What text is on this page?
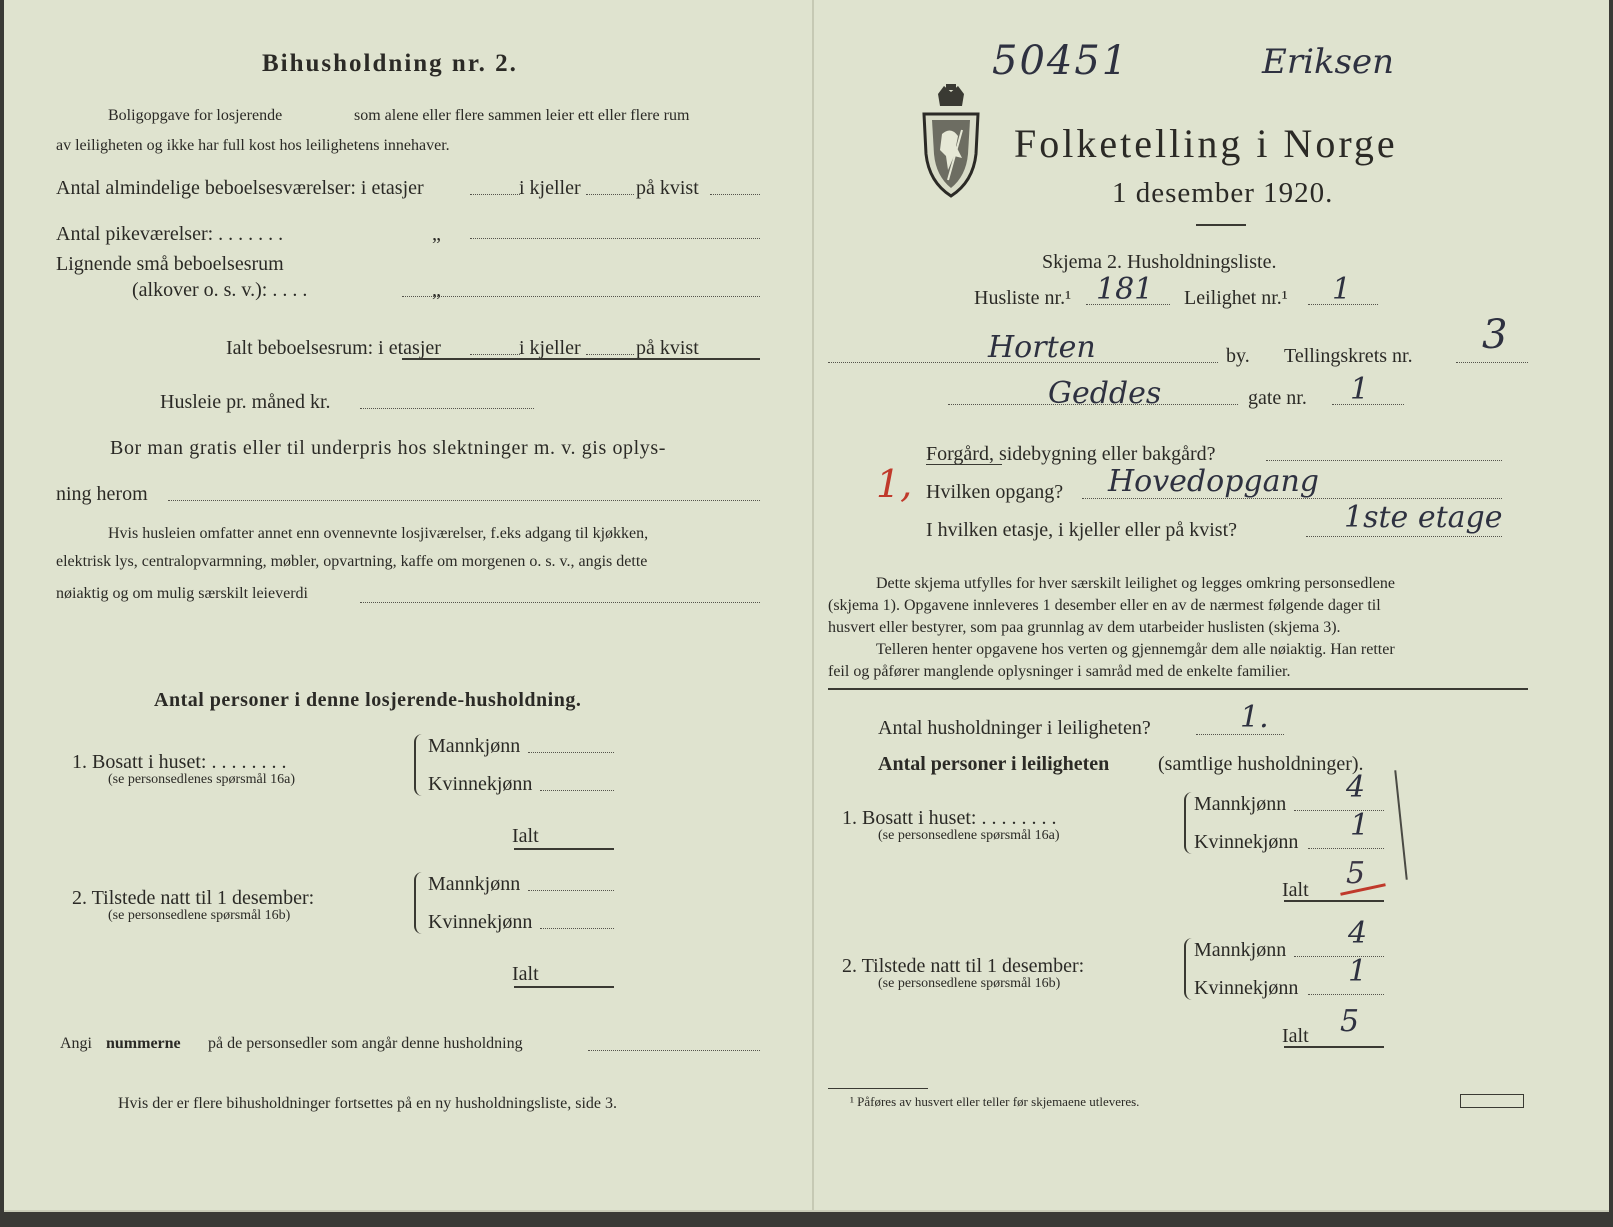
Bihusholdning nr. 2.
Boligopgave for losjerende	som alene eller flere sammen leier ett eller flere rum
av leiligheten og ikke har full kost hos leilighetens innehaver.
Antal almindelige beboelsesværelser: i etasjer	i kjeller	på kvist
Antal pikeværelser: . . . . . . .	„
Lignende små beboelsesrum
(alkover o. s. v.): . . . .	„
Ialt beboelsesrum: i etasjer	i kjeller	på kvist
Husleie pr. måned kr.
Bor man gratis eller til underpris hos slektninger m. v. gis oplys-
ning herom
Hvis husleien omfatter annet enn ovennevnte losjiværelser, f.eks adgang til kjøkken,
elektrisk lys, centralopvarmning, møbler, opvartning, kaffe om morgenen o. s. v., angis dette
nøiaktig og om mulig særskilt leieverdi
Antal personer i denne losjerende-husholdning.
1. Bosatt i huset: . . . . . . . .
(se personsedlenes spørsmål 16a)
Mannkjønn
Kvinnekjønn
Ialt
2. Tilstede natt til 1 desember:
(se personsedlene spørsmål 16b)
Mannkjønn
Kvinnekjønn
Ialt
Angi nummerne på de personsedler som angår denne husholdning
Hvis der er flere bihusholdninger fortsettes på en ny husholdningsliste, side 3.
50451	Eriksen
Folketelling i Norge
1 desember 1920.
Skjema 2. Husholdningsliste.
Husliste nr.¹ 181 Leilighet nr.¹ 1
Horten	by. Tellingskrets nr. 3
Geddes	gate nr. 1
Forgård, sidebygning eller bakgård?
1, Hvilken opgang? Hovedopgang
I hvilken etasje, i kjeller eller på kvist?	1ste etage
Dette skjema utfylles for hver særskilt leilighet og legges omkring personsedlene
(skjema 1). Opgavene innleveres 1 desember eller en av de nærmest følgende dager til
husvert eller bestyrer, som paa grunnlag av dem utarbeider huslisten (skjema 3).
Telleren henter opgavene hos verten og gjennemgår dem alle nøiaktig. Han retter
feil og påfører manglende oplysninger i samråd med de enkelte familier.
Antal husholdninger i leiligheten?	1.
Antal personer i leiligheten (samtlige husholdninger).
1. Bosatt i huset: . . . . . . . .
(se personsedlene spørsmål 16a)
Mannkjønn 4
Kvinnekjønn 1
Ialt 5
2. Tilstede natt til 1 desember:
(se personsedlene spørsmål 16b)
Mannkjønn 4
Kvinnekjønn 1
Ialt 5
¹ Påføres av husvert eller teller før skjemaene utleveres.
